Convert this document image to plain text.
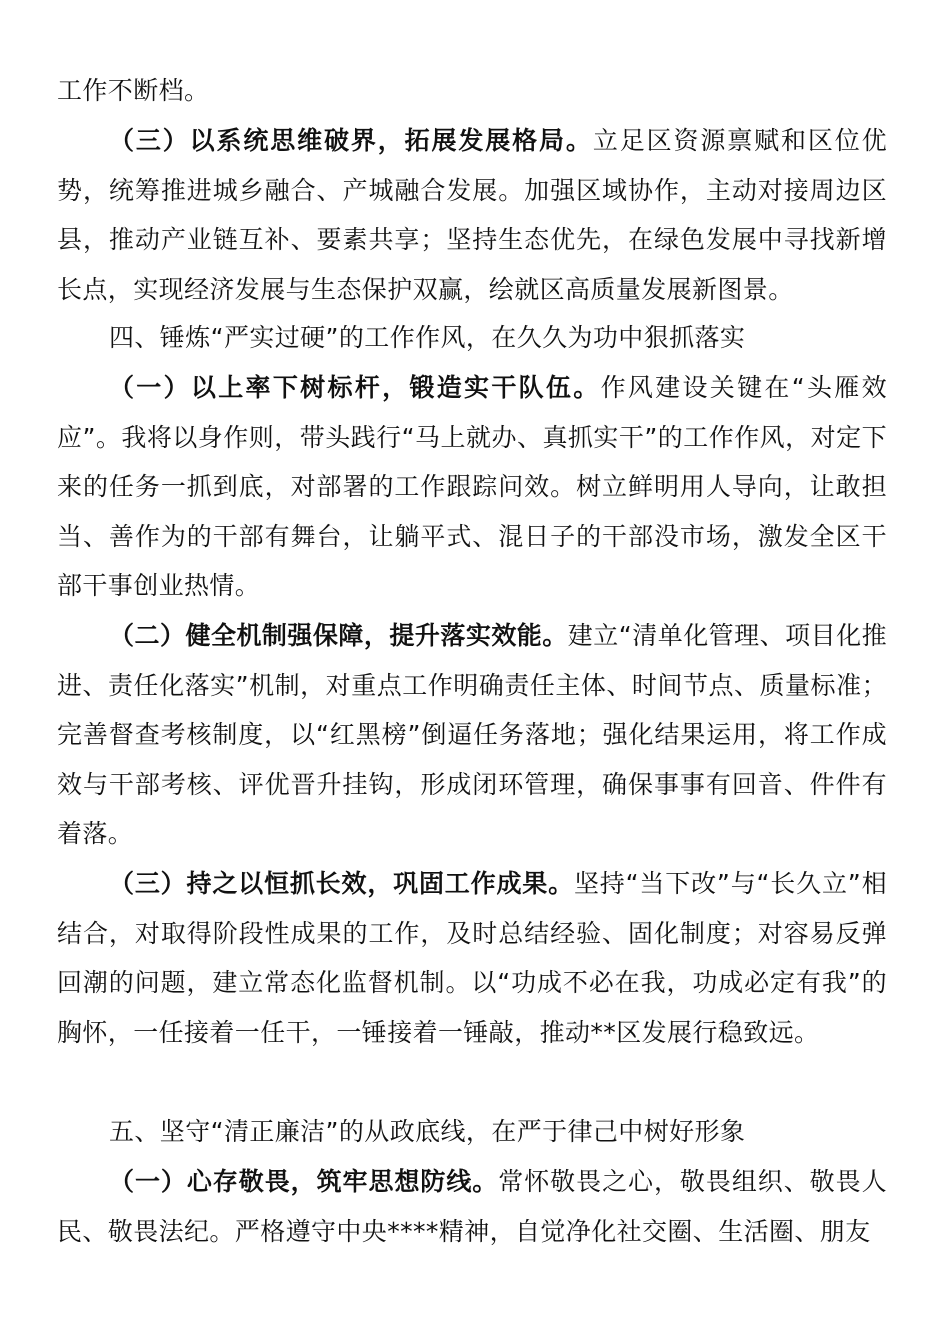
工作不断档。

（三）以系统思维破界，拓展发展格局。立足区资源禀赋和区位优势，统筹推进城乡融合、产城融合发展。加强区域协作，主动对接周边区县，推动产业链互补、要素共享；坚持生态优先，在绿色发展中寻找新增长点，实现经济发展与生态保护双赢，绘就区高质量发展新图景。

四、锤炼“严实过硬”的工作作风，在久久为功中狠抓落实

（一）以上率下树标杆，锻造实干队伍。作风建设关键在“头雁效应”。我将以身作则，带头践行“马上就办、真抓实干”的工作作风，对定下来的任务一抓到底，对部署的工作跟踪问效。树立鲜明用人导向，让敢担当、善作为的干部有舞台，让躺平式、混日子的干部没市场，激发全区干部干事创业热情。

（二）健全机制强保障，提升落实效能。建立“清单化管理、项目化推进、责任化落实”机制，对重点工作明确责任主体、时间节点、质量标准；完善督查考核制度，以“红黑榜”倒逼任务落地；强化结果运用，将工作成效与干部考核、评优晋升挂钩，形成闭环管理，确保事事有回音、件件有着落。

（三）持之以恒抓长效，巩固工作成果。坚持“当下改”与“长久立”相结合，对取得阶段性成果的工作，及时总结经验、固化制度；对容易反弹回潮的问题，建立常态化监督机制。以“功成不必在我，功成必定有我”的胸怀，一任接着一任干，一锤接着一锤敲，推动**区发展行稳致远。

五、坚守“清正廉洁”的从政底线，在严于律己中树好形象

（一）心存敬畏，筑牢思想防线。常怀敬畏之心，敬畏组织、敬畏人民、敬畏法纪。严格遵守中央****精神，自觉净化社交圈、生活圈、朋友
